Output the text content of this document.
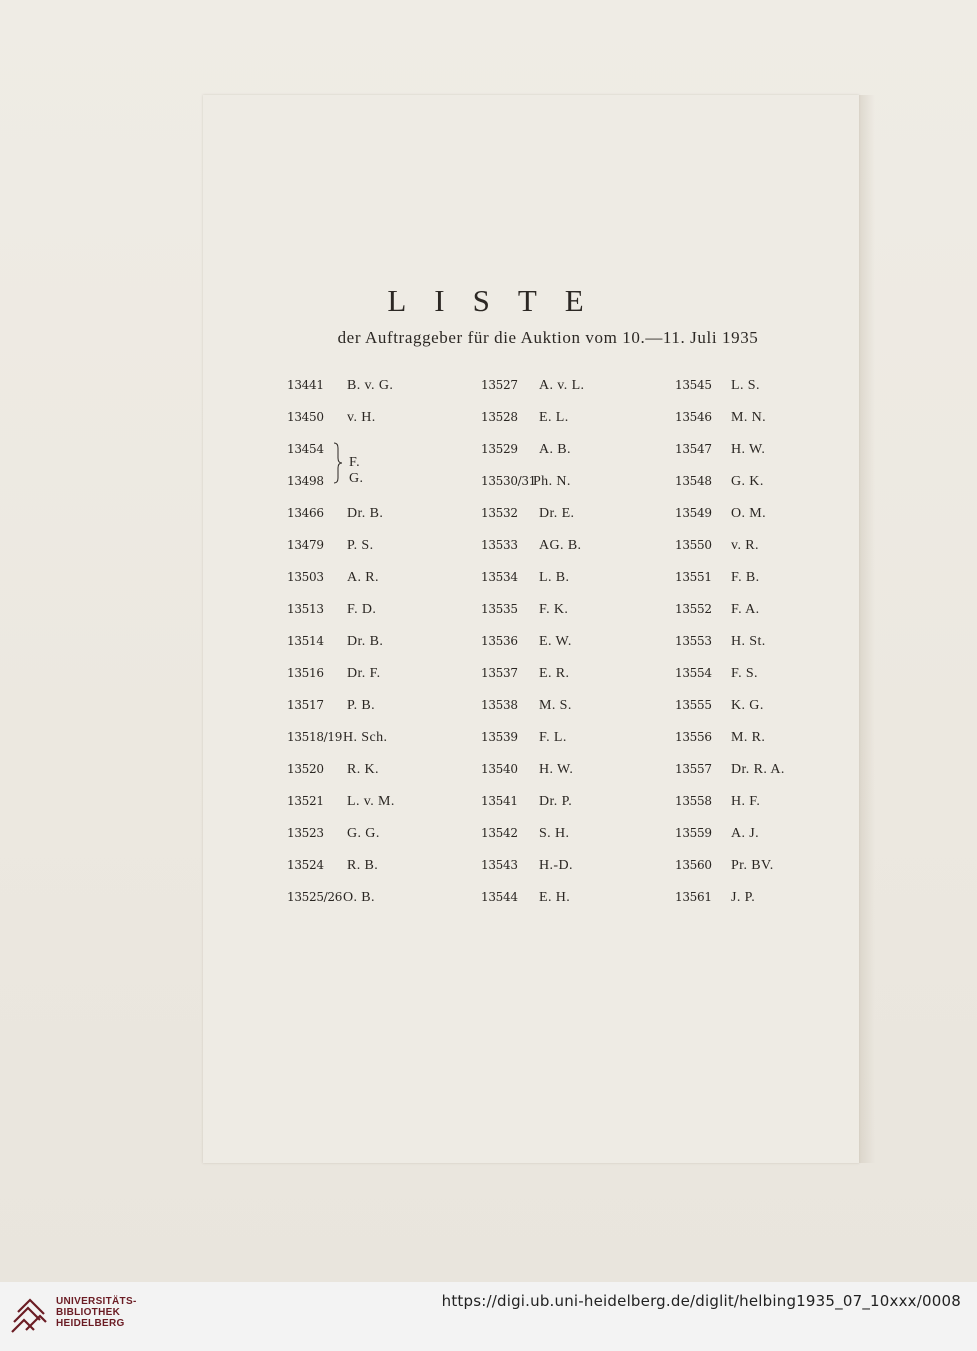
LISTE
der Auftraggeber für die Auktion vom 10.—11. Juli 1935
13441 B. v. G.
13450 v. H.
13454
13498
13466 Dr. B.
13479 P. S.
13503 A. R.
13513 F. D.
13514 Dr. B.
13516 Dr. F.
13517 P. B.
13518/19 H. Sch.
13520 R. K.
13521 L. v. M.
13523 G. G.
13524 R. B.
13525/26 O. B.
F. G.
13527 A. v. L.
13528 E. L.
13529 A. B.
13530/31
Ph. N.
13532 Dr. E.
13533 AG. B.
13534 L. B.
13535 F. K.
13536 E. W.
13537 E. R.
13538 M. S.
13539 F. L.
13540 H. W.
13541 Dr. P.
13542 S. H.
13543 H.-D.
13544 E. H.
13545 L. S.
13546 M. N.
13547 H. W.
13548 G. K.
13549 O. M.
13550 v. R.
13551 F. B.
13552 F. A.
13553 H. St.
13554 F. S.
13555 K. G.
13556 M. R.
13557 Dr. R. A.
13558 H. F.
13559 A. J.
13560 Pr. BV.
13561 J. P.
UNIVERSITÄTS-
BIBLIOTHEK
HEIDELBERG
https://digi.ub.uni-heidelberg.de/diglit/helbing1935_07_10xxx/0008
